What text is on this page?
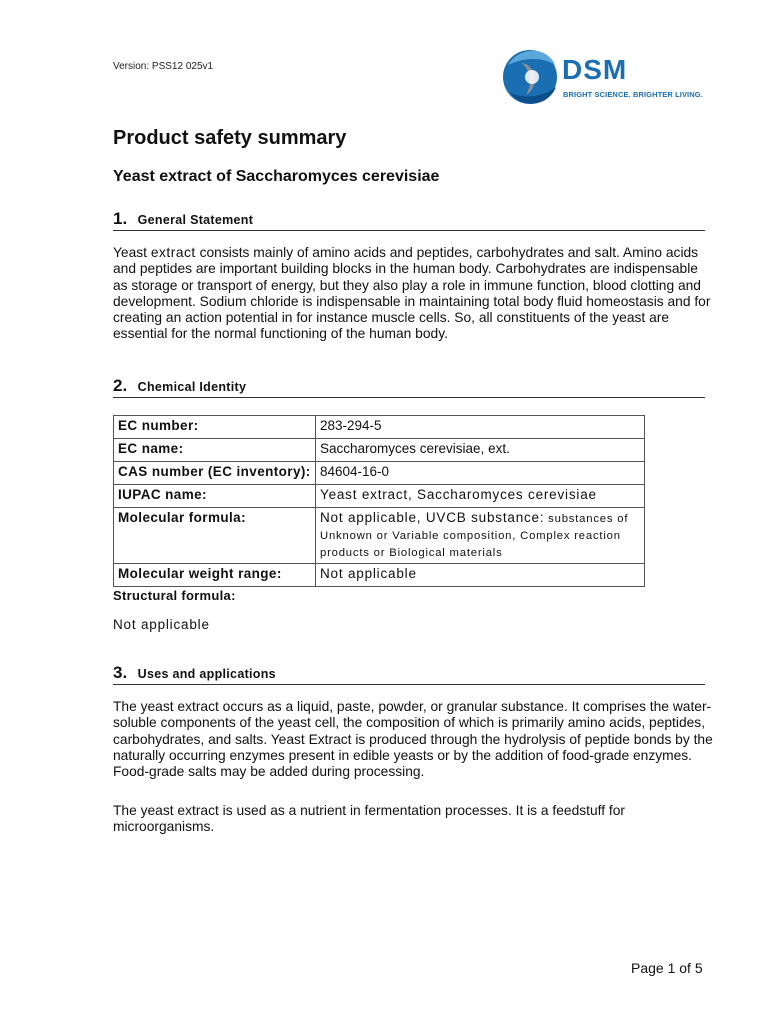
Version: PSS12 025v1	DSM
BRIGHT SCIENCE. BRIGHTER LIVING.
Product safety summary
Yeast extract of Saccharomyces cerevisiae
1. General Statement

Yeast extract consists mainly of amino acids and peptides, carbohydrates and salt. Amino acids and peptides are important building blocks in the human body. Carbohydrates are indispensable as storage or transport of energy, but they also play a role in immune function, blood clotting and development. Sodium chloride is indispensable in maintaining total body fluid homeostasis and for creating an action potential in for instance muscle cells. So, all constituents of the yeast are essential for the normal functioning of the human body.

2. Chemical Identity
EC number:	283-294-5
EC name:	Saccharomyces cerevisiae, ext.
CAS number (EC inventory):	84604-16-0
IUPAC name:	Yeast extract, Saccharomyces cerevisiae
Molecular formula:	Not applicable, UVCB substance: substances of Unknown or Variable composition, Complex reaction products or Biological materials
Molecular weight range:	Not applicable
Structural formula:
Not applicable
3. Uses and applications

The yeast extract occurs as a liquid, paste, powder, or granular substance. It comprises the water-soluble components of the yeast cell, the composition of which is primarily amino acids, peptides, carbohydrates, and salts. Yeast Extract is produced through the hydrolysis of peptide bonds by the naturally occurring enzymes present in edible yeasts or by the addition of food-grade enzymes. Food-grade salts may be added during processing.

The yeast extract is used as a nutrient in fermentation processes. It is a feedstuff for microorganisms.

Page 1 of 5
